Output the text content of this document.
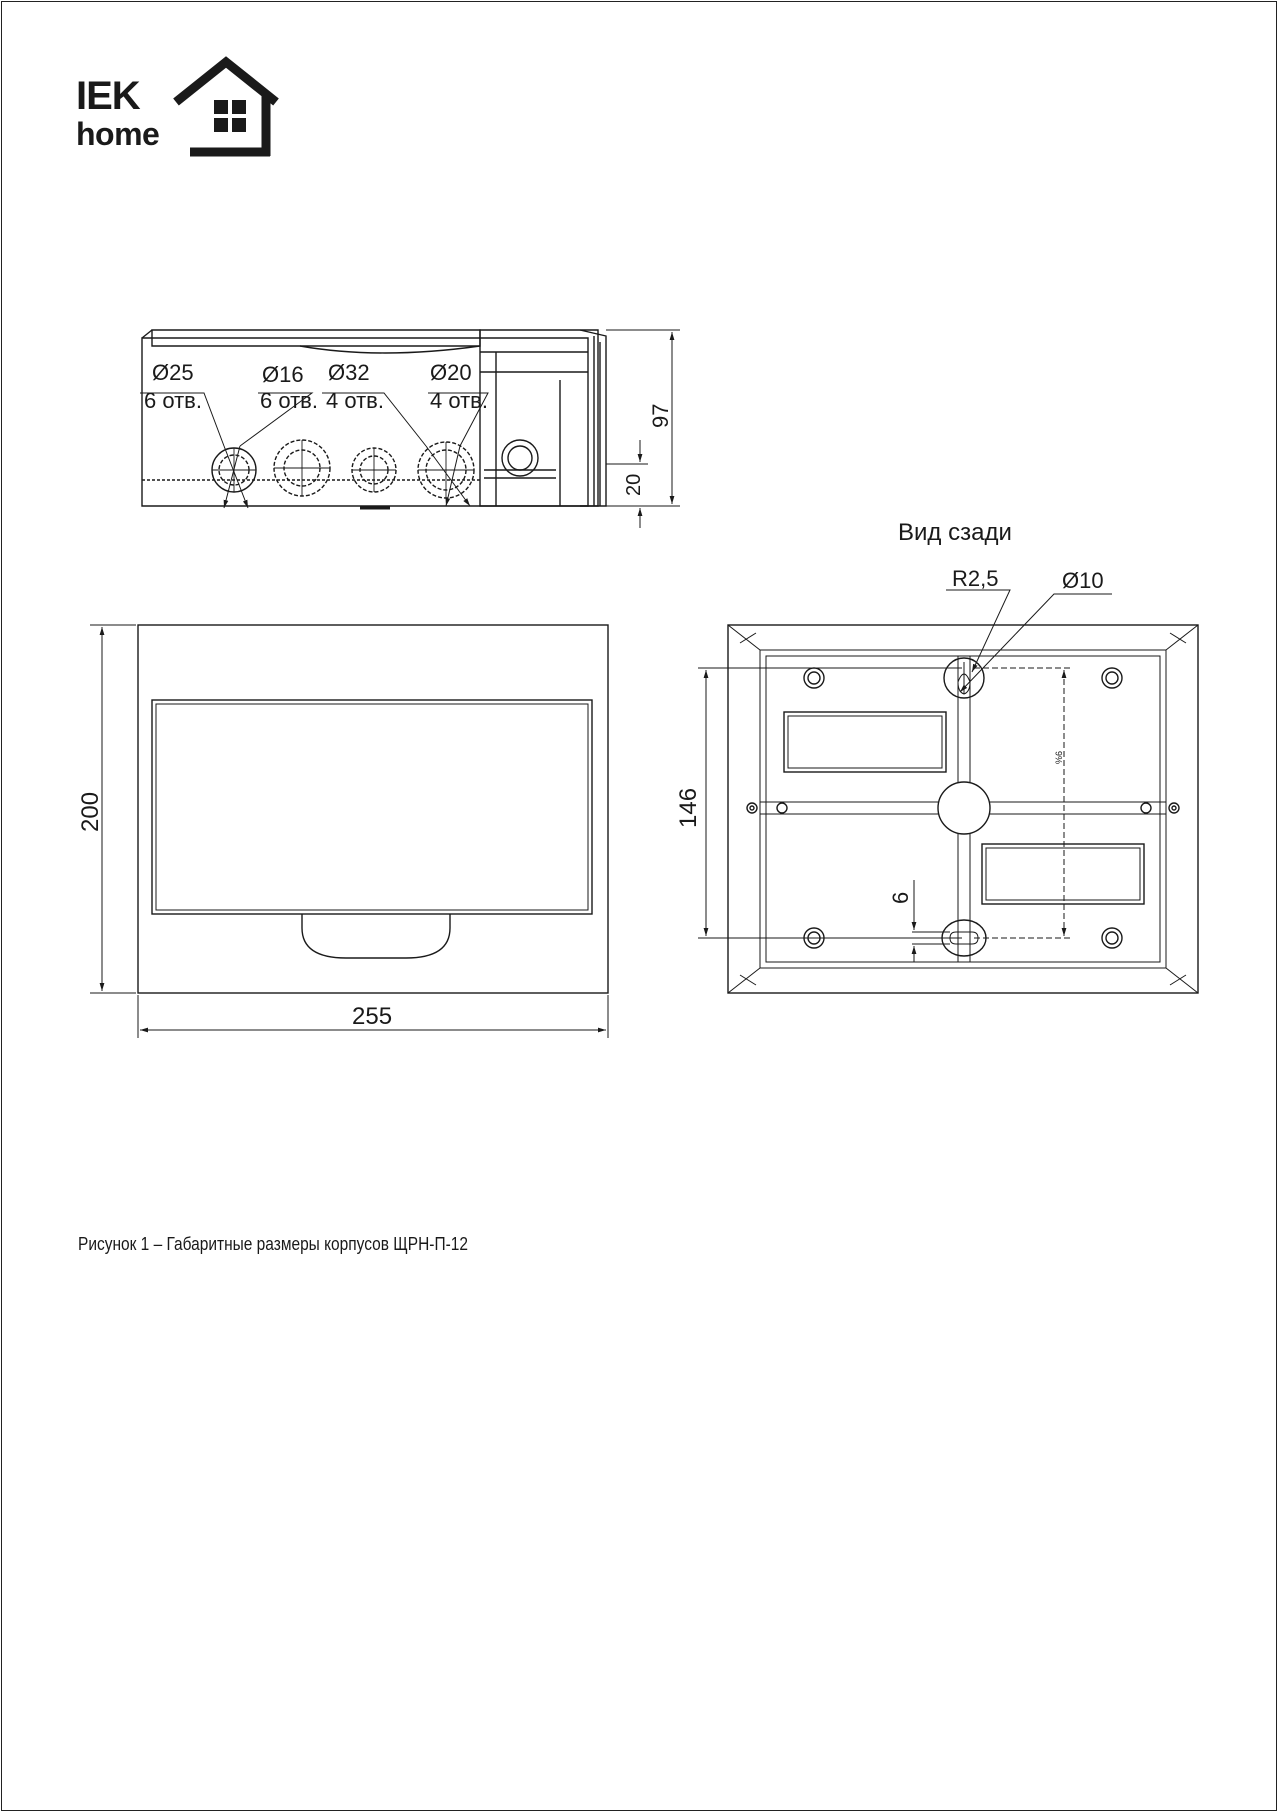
IEK
home
Ø25
6 отв.
Ø16
6 отв.
Ø32
4 отв.
Ø20
4 отв.
97
20
200
255
Вид сзади
R2,5	Ø10
146
6
%6
Рисунок 1 – Габаритные размеры корпусов ЩРН-П-12
